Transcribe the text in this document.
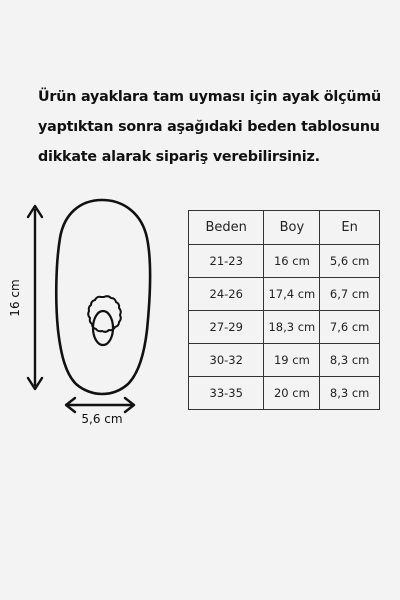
Ürün ayaklara tam uyması için ayak ölçümü
yaptıktan sonra aşağıdaki beden tablosunu
dikkate alarak sipariş verebilirsiniz.
16 cm
5,6 cm
Beden	Boy	En
21-23	16 cm	5,6 cm
24-26	17,4 cm	6,7 cm
27-29	18,3 cm	7,6 cm
30-32	19 cm	8,3 cm
33-35	20 cm	8,3 cm
